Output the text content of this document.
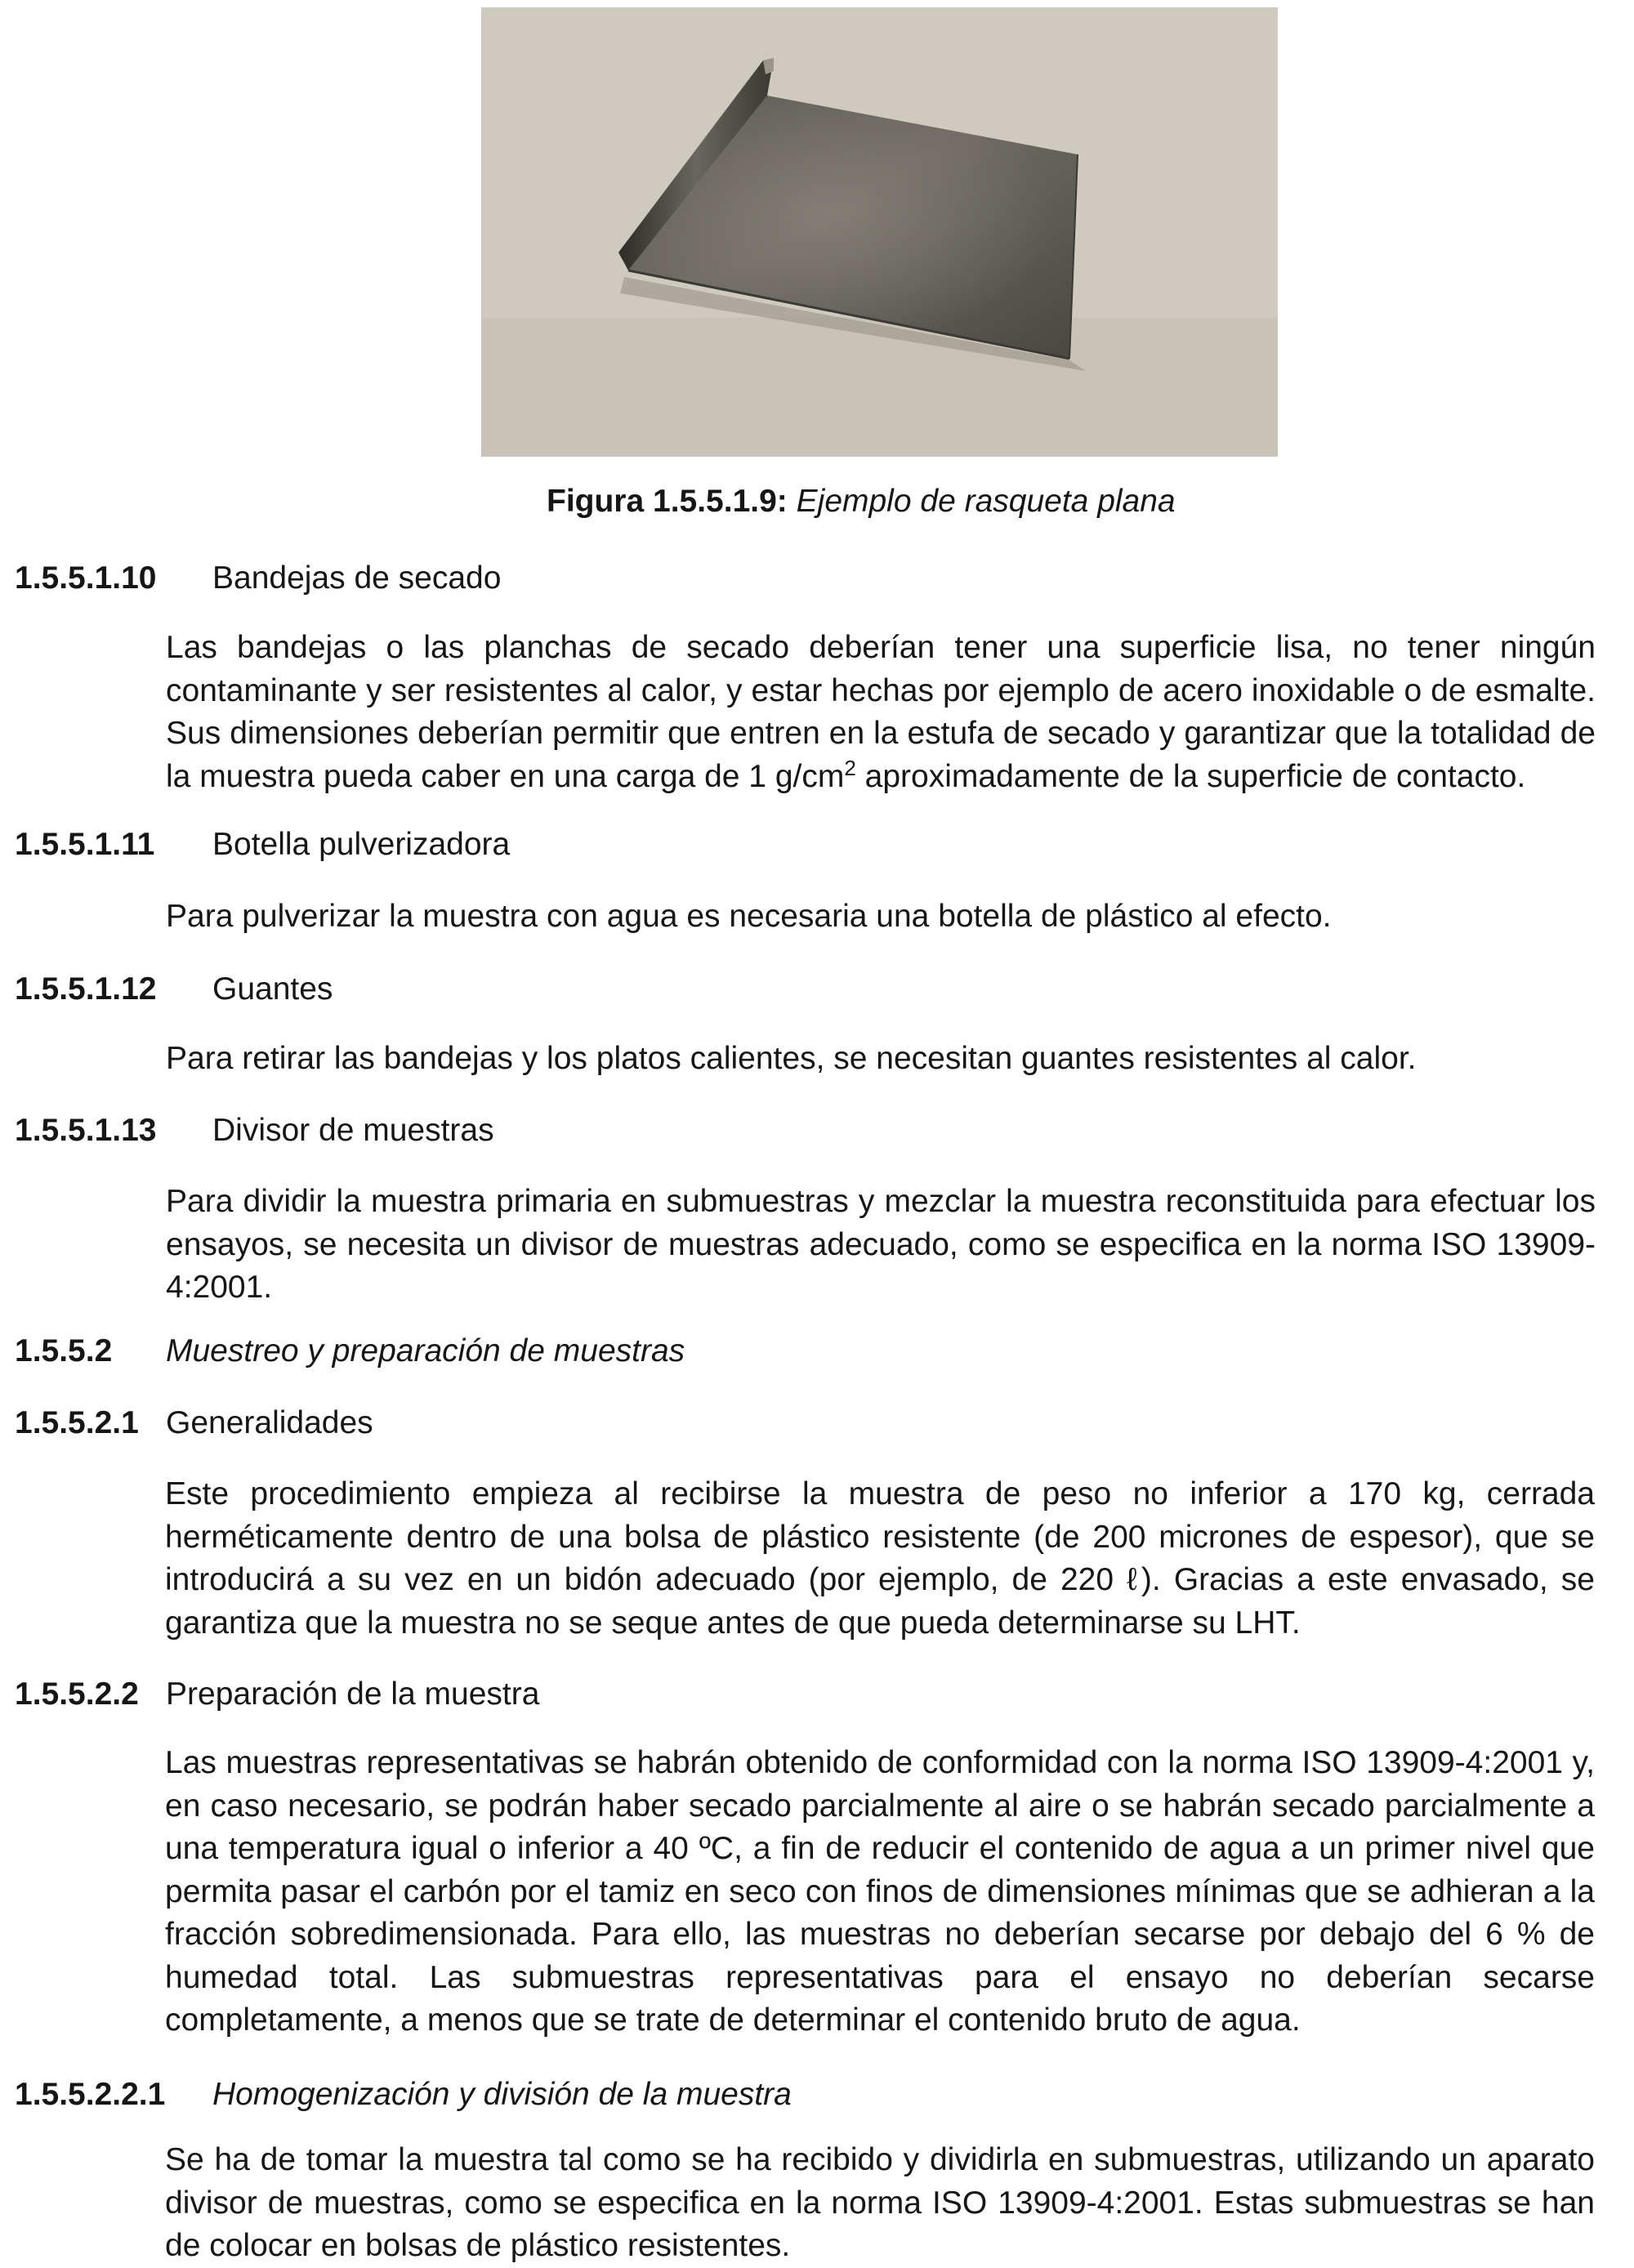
Figura 1.5.5.1.9: Ejemplo de rasqueta plana
1.5.5.1.10 Bandejas de secado

Las bandejas o las planchas de secado deberían tener una superficie lisa, no tener ningún contaminante y ser resistentes al calor, y estar hechas por ejemplo de acero inoxidable o de esmalte. Sus dimensiones deberían permitir que entren en la estufa de secado y garantizar que la totalidad de la muestra pueda caber en una carga de 1 $g/cm^2$ aproximadamente de la superficie de contacto.

1.5.5.1.11 Botella pulverizadora

Para pulverizar la muestra con agua es necesaria una botella de plástico al efecto.

1.5.5.1.12 Guantes

Para retirar las bandejas y los platos calientes, se necesitan guantes resistentes al calor.

1.5.5.1.13 Divisor de muestras

Para dividir la muestra primaria en submuestras y mezclar la muestra reconstituida para efectuar los ensayos, se necesita un divisor de muestras adecuado, como se especifica en la norma ISO 13909-4:2001.

1.5.5.2 Muestreo y preparación de muestras
1.5.5.2.1 Generalidades

Este procedimiento empieza al recibirse la muestra de peso no inferior a 170 kg, cerrada herméticamente dentro de una bolsa de plástico resistente (de 200 micrones de espesor), que se introducirá a su vez en un bidón adecuado (por ejemplo, de 220 ℓ). Gracias a este envasado, se garantiza que la muestra no se seque antes de que pueda determinarse su LHT.

1.5.5.2.2 Preparación de la muestra

Las muestras representativas se habrán obtenido de conformidad con la norma ISO 13909-4:2001 y, en caso necesario, se podrán haber secado parcialmente al aire o se habrán secado parcialmente a una temperatura igual o inferior a 40 ºC, a fin de reducir el contenido de agua a un primer nivel que permita pasar el carbón por el tamiz en seco con finos de dimensiones mínimas que se adhieran a la fracción sobredimensionada. Para ello, las muestras no deberían secarse por debajo del 6 % de humedad total. Las submuestras representativas para el ensayo no deberían secarse completamente, a menos que se trate de determinar el contenido bruto de agua.

1.5.5.2.2.1 Homogenización y división de la muestra

Se ha de tomar la muestra tal como se ha recibido y dividirla en submuestras, utilizando un aparato divisor de muestras, como se especifica en la norma ISO 13909-4:2001. Estas submuestras se han de colocar en bolsas de plástico resistentes.
